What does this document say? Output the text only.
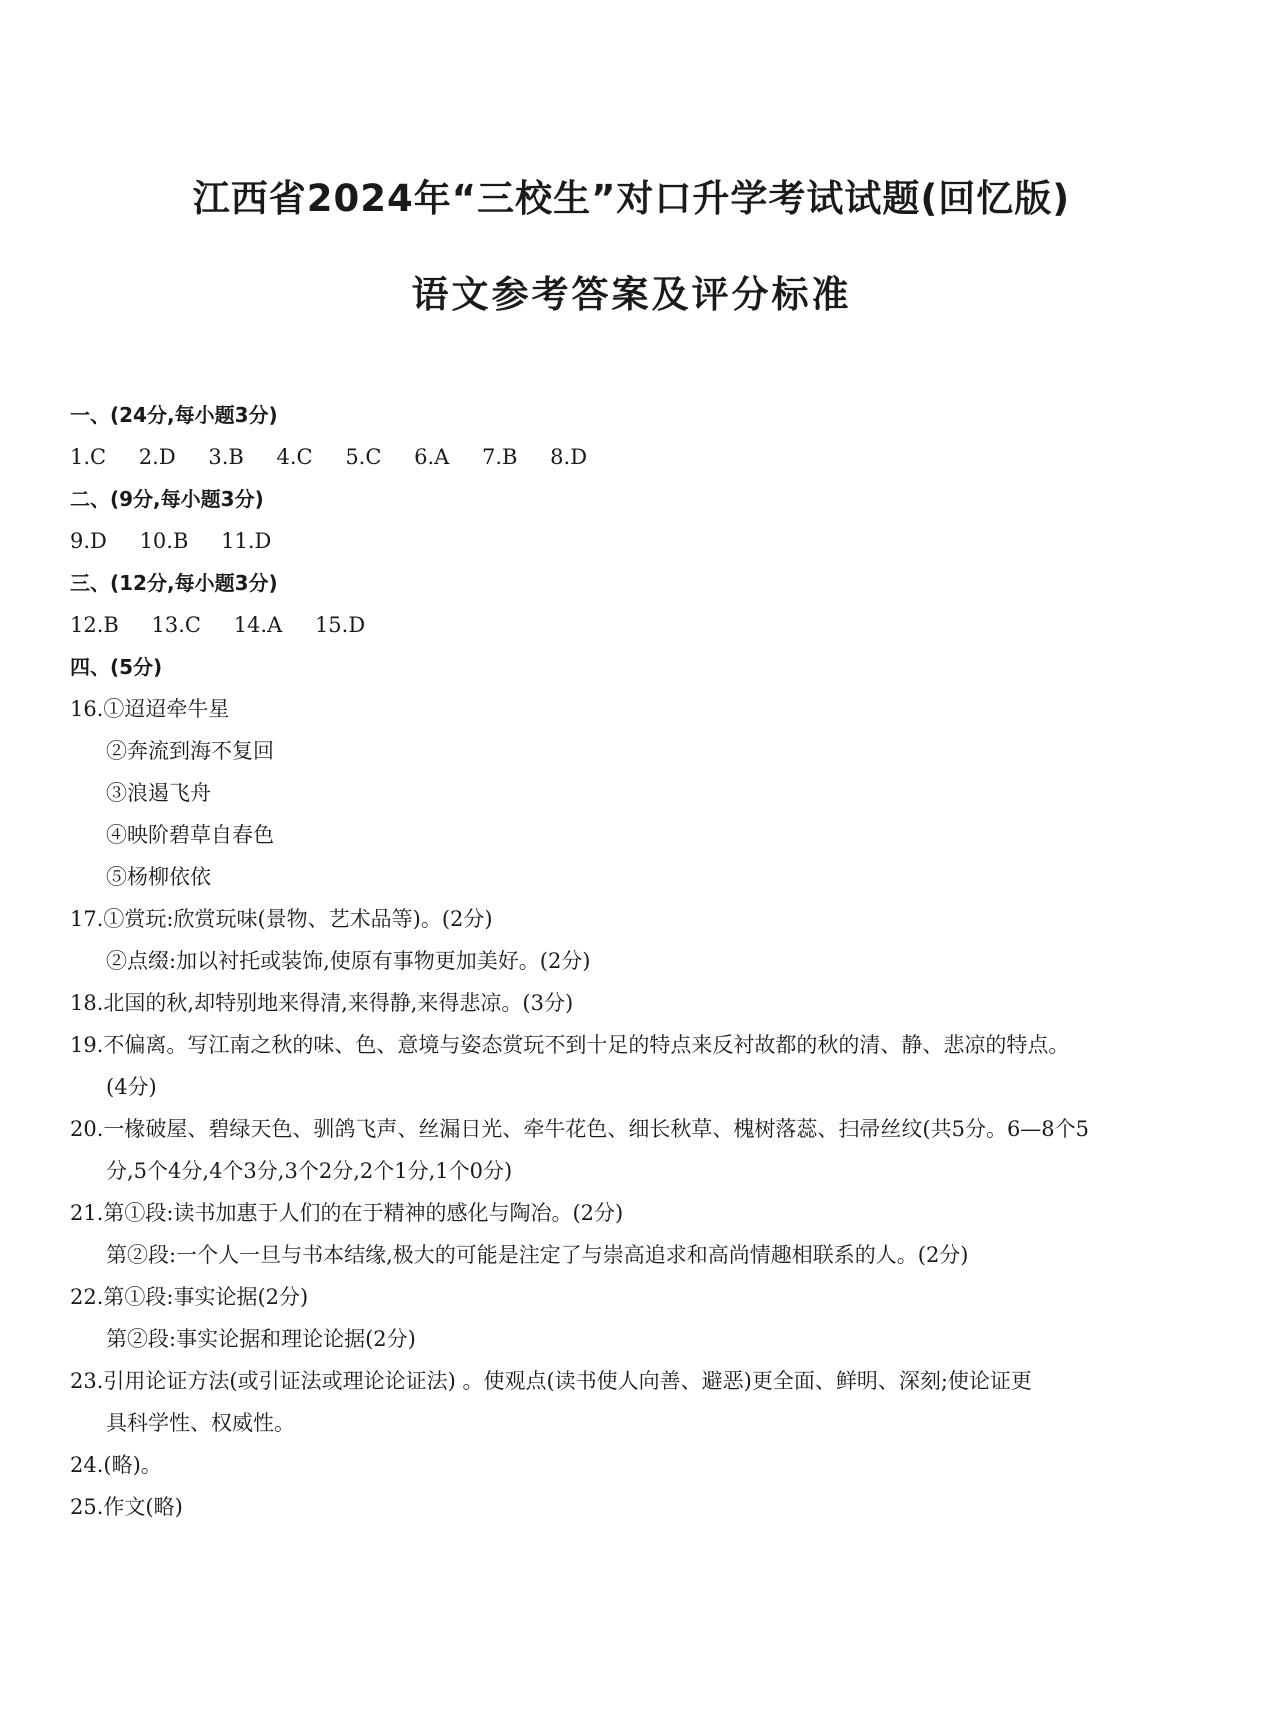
江西省2024年“三校生”对口升学考试试题(回忆版)
语文参考答案及评分标准
一、(24分,每小题3分)
1.C 2.D 3.B 4.C 5.C 6.A 7.B 8.D
二、(9分,每小题3分)
9.D 10.B 11.D
三、(12分,每小题3分)
12.B 13.C 14.A 15.D
四、(5分)
16.①迢迢牵牛星
②奔流到海不复回
③浪遏飞舟
④映阶碧草自春色
⑤杨柳依依
17.①赏玩:欣赏玩味(景物、艺术品等)。(2分)
②点缀:加以衬托或装饰,使原有事物更加美好。(2分)
18.北国的秋,却特别地来得清,来得静,来得悲凉。(3分)
19.不偏离。写江南之秋的味、色、意境与姿态赏玩不到十足的特点来反衬故都的秋的清、静、悲凉的特点。
(4分)
20.一椽破屋、碧绿天色、驯鸽飞声、丝漏日光、牵牛花色、细长秋草、槐树落蕊、扫帚丝纹(共5分。6—8个5
分,5个4分,4个3分,3个2分,2个1分,1个0分)
21.第①段:读书加惠于人们的在于精神的感化与陶冶。(2分)
第②段:一个人一旦与书本结缘,极大的可能是注定了与崇高追求和高尚情趣相联系的人。(2分)
22.第①段:事实论据(2分)
第②段:事实论据和理论论据(2分)
23.引用论证方法(或引证法或理论论证法) 。使观点(读书使人向善、避恶)更全面、鲜明、深刻;使论证更
具科学性、权威性。
24.(略)。
25.作文(略)
